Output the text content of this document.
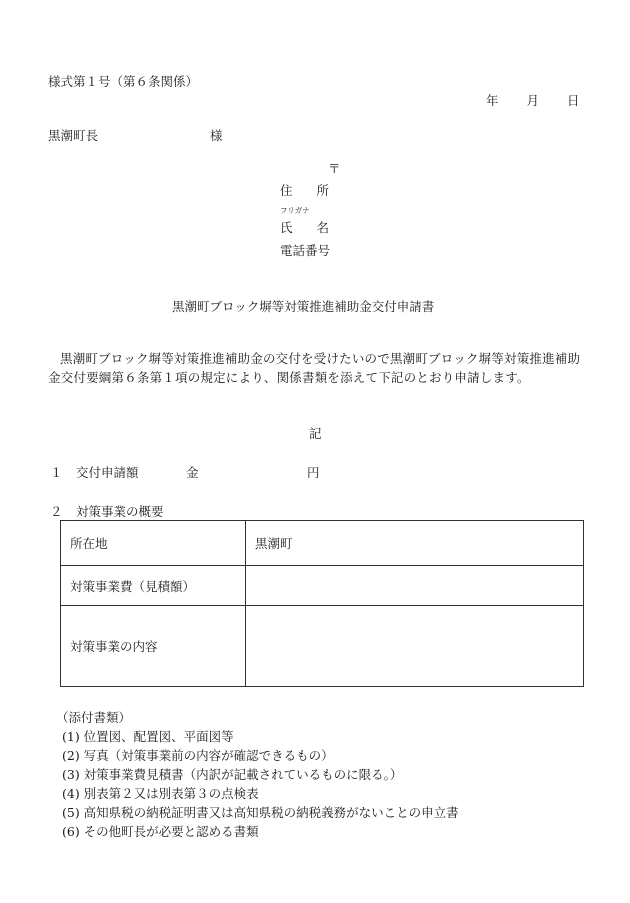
様式第１号（第６条関係）
年 月 日
黒潮町長	様
〒
住 所
フリガナ
氏 名
電話番号
黒潮町ブロック塀等対策推進補助金交付申請書
黒潮町ブロック塀等対策推進補助金の交付を受けたいので黒潮町ブロック塀等対策推進補助金交付要綱第６条第１項の規定により、関係書類を添えて下記のとおり申請します。
記
１ 交付申請額	金	円
２ 対策事業の概要
所在地	黒潮町
対策事業費（見積額）	
対策事業の内容	
（添付書類）
(1) 位置図、配置図、平面図等
(2) 写真（対策事業前の内容が確認できるもの）
(3) 対策事業費見積書（内訳が記載されているものに限る。）
(4) 別表第２又は別表第３の点検表
(5) 高知県税の納税証明書又は高知県税の納税義務がないことの申立書
(6) その他町長が必要と認める書類
